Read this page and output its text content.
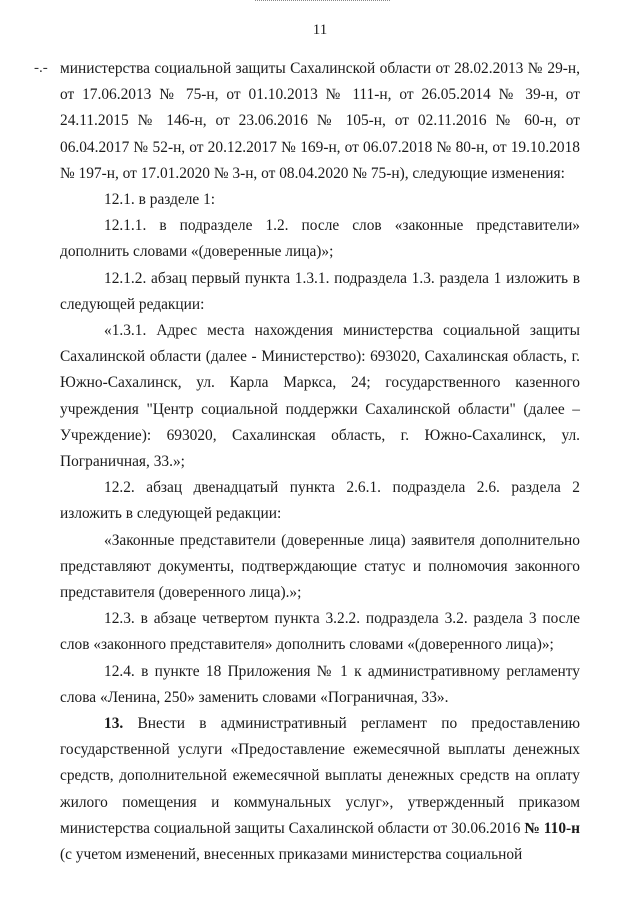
11
-.- министерства социальной защиты Сахалинской области от 28.02.2013 № 29-н, от 17.06.2013 № 75-н, от 01.10.2013 № 111-н, от 26.05.2014 № 39-н, от 24.11.2015 № 146-н, от 23.06.2016 № 105-н, от 02.11.2016 № 60-н, от 06.04.2017 № 52-н, от 20.12.2017 № 169-н, от 06.07.2018 № 80-н, от 19.10.2018 № 197-н, от 17.01.2020 № 3-н, от 08.04.2020 № 75-н), следующие изменения:

12.1. в разделе 1:

12.1.1. в подразделе 1.2. после слов «законные представители» дополнить словами «(доверенные лица)»;

12.1.2. абзац первый пункта 1.3.1. подраздела 1.3. раздела 1 изложить в следующей редакции:

«1.3.1. Адрес места нахождения министерства социальной защиты Сахалинской области (далее - Министерство): 693020, Сахалинская область, г. Южно-Сахалинск, ул. Карла Маркса, 24; государственного казенного учреждения "Центр социальной поддержки Сахалинской области" (далее – Учреждение): 693020, Сахалинская область, г. Южно-Сахалинск, ул. Пограничная, 33.»;

12.2. абзац двенадцатый пункта 2.6.1. подраздела 2.6. раздела 2 изложить в следующей редакции:

«Законные представители (доверенные лица) заявителя дополнительно представляют документы, подтверждающие статус и полномочия законного представителя (доверенного лица).»;

12.3. в абзаце четвертом пункта 3.2.2. подраздела 3.2. раздела 3 после слов «законного представителя» дополнить словами «(доверенного лица)»;

12.4. в пункте 18 Приложения № 1 к административному регламенту слова «Ленина, 250» заменить словами «Пограничная, 33».

13. Внести в административный регламент по предоставлению государственной услуги «Предоставление ежемесячной выплаты денежных средств, дополнительной ежемесячной выплаты денежных средств на оплату жилого помещения и коммунальных услуг», утвержденный приказом министерства социальной защиты Сахалинской области от 30.06.2016 № 110-н (с учетом изменений, внесенных приказами министерства социальной
